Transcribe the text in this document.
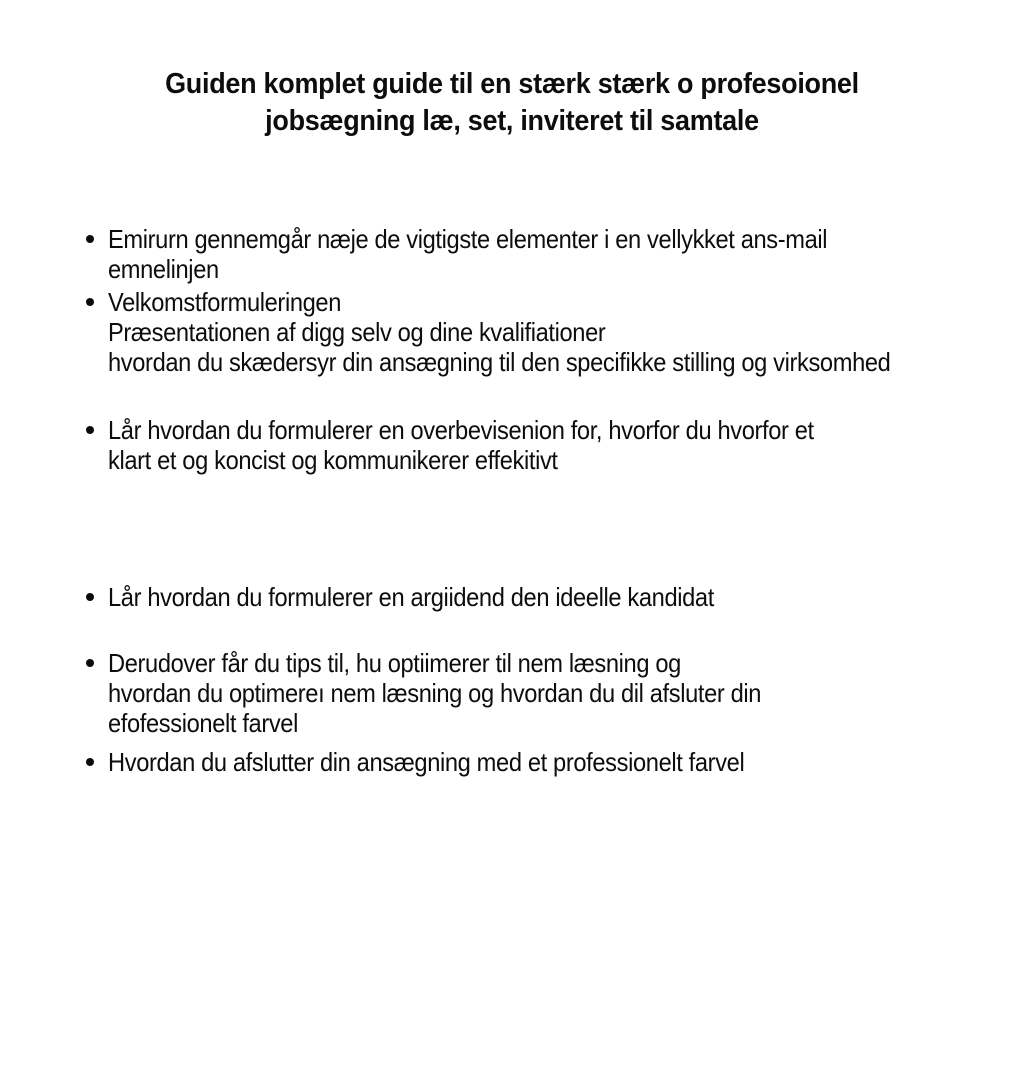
Guiden komplet guide til en stærk stærk o profesoionel
jobsægning læ, set, inviteret til samtale
Emirurn gennemgår næje de vigtigste elementer i en vellykket ans-mail
emnelinjen
Velkomstformuleringen
Præsentationen af digg selv og dine kvalifiationer
hvordan du skædersyr din ansægning til den specifikke stilling og virksomhed
Lår hvordan du formulerer en overbevisenion for, hvorfor du hvorfor et
klart et og koncist og kommunikerer effekitivt
Lår hvordan du formulerer en argiidend den ideelle kandidat
Derudover får du tips til, hu optiimerer til nem læsning og
hvordan du optimereı nem læsning og hvordan du dil afsluter din
efofessionelt farvel
Hvordan du afslutter din ansægning med et professionelt farvel
